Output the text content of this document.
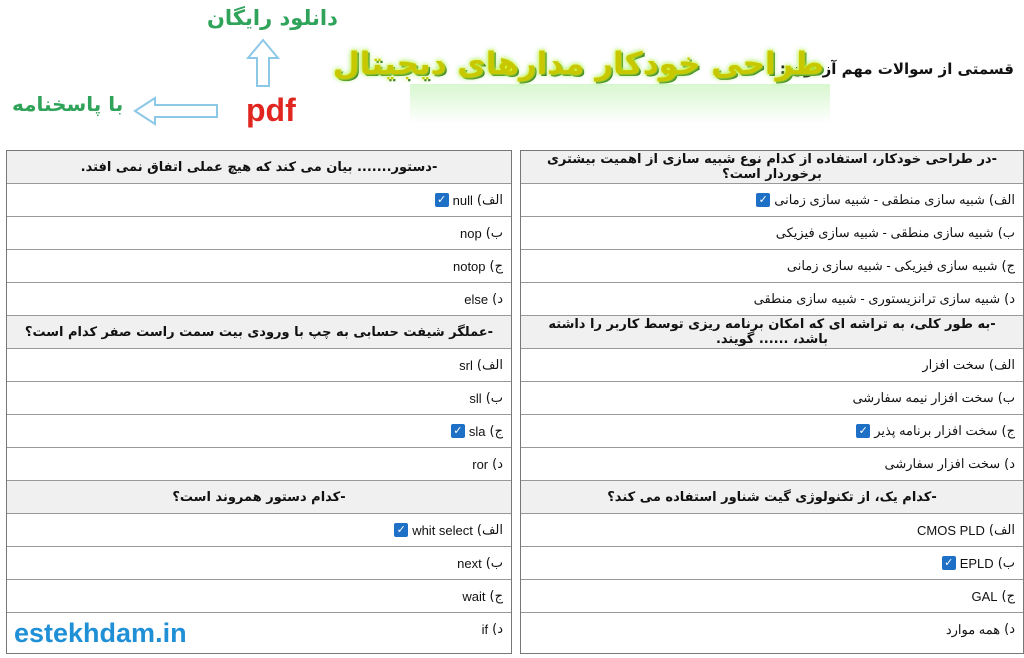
دانلود رایگان
pdf
با پاسخنامه
قسمتی از سوالات مهم آزمون :
طراحی خودکار مدارهای دیجیتال
-در طراحی خودکار، استفاده از کدام نوع شبیه سازی از اهمیت بیشتری برخوردار است؟
الف)
شبیه سازی منطقی - شبیه سازی زمانی
✓
ب)
شبیه سازی منطقی - شبیه سازی فیزیکی
ج)
شبیه سازی فیزیکی - شبیه سازی زمانی
د)
شبیه سازی ترانزیستوری - شبیه سازی منطقی
-به طور کلی، به تراشه ای که امکان برنامه ریزی توسط کاربر را داشته باشد، ...... گویند.
الف)
سخت افزار
ب)
سخت افزار نیمه سفارشی
ج)
سخت افزار برنامه پذیر
✓
د)
سخت افزار سفارشی
-کدام یک، از تکنولوژی گیت شناور استفاده می کند؟
الف)
CMOS PLD
ب)
EPLD
✓
ج)
GAL
د)
همه موارد
-دستور....... بیان می کند که هیچ عملی اتفاق نمی افتد.
الف)
null
✓
ب)
nop
ج)
notop
د)
else
-عملگر شیفت حسابی به چپ با ورودی بیت سمت راست صفر کدام است؟
الف)
srl
ب)
sll
ج)
sla
✓
د)
ror
-کدام دستور همروند است؟
الف)
whit select
✓
ب)
next
ج)
wait
د)
if
estekhdam.in
